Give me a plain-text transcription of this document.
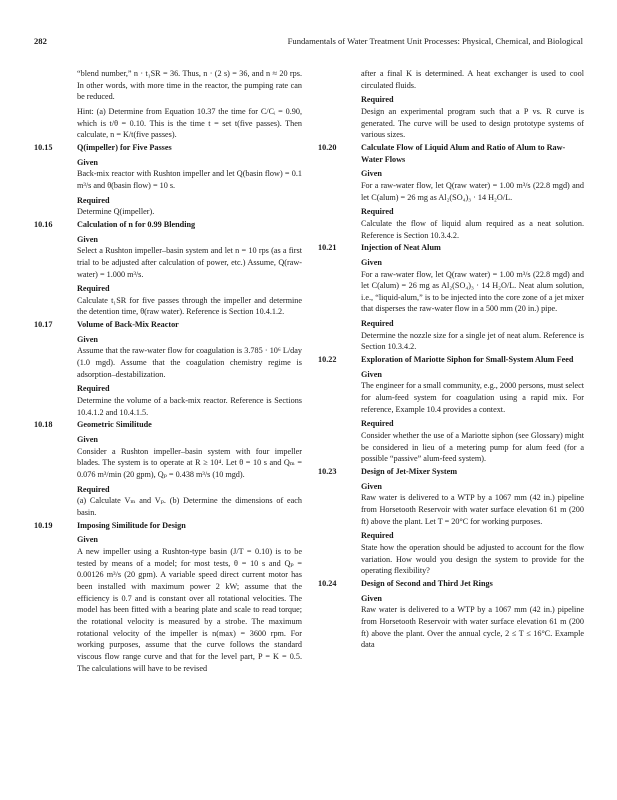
282	Fundamentals of Water Treatment Unit Processes: Physical, Chemical, and Biological

“blend number,” n · t₁SR = 36. Thus, n · (2 s) = 36, and n ≈ 20 rps. In other words, with more time in the reactor, the pumping rate can be reduced.

Hint: (a) Determine from Equation 10.37 the time for C/Cᵢ = 0.90, which is t/θ = 0.10. This is the time t = set t(five passes). Then calculate, n = K/t(five passes).

10.15	Q(impeller) for Five Passes

Given

Back-mix reactor with Rushton impeller and let Q(basin flow) = 0.1 m³/s and θ(basin flow) = 10 s.

Required

Determine Q(impeller).

10.16	Calculation of n for 0.99 Blending

Given

Select a Rushton impeller–basin system and let n = 10 rps (as a first trial to be adjusted after calculation of power, etc.) Assume, Q(raw-water) = 1.000 m³/s.

Required

Calculate t₁SR for five passes through the impeller and determine the detention time, θ(raw water). Reference is Section 10.4.1.2.

10.17	Volume of Back-Mix Reactor

Given

Assume that the raw-water flow for coagulation is 3.785 · 10⁶ L/day (1.0 mgd). Assume that the coagulation chemistry regime is adsorption–destabilization.

Required

Determine the volume of a back-mix reactor. Reference is Sections 10.4.1.2 and 10.4.1.5.

10.18	Geometric Similitude

Given

Consider a Rushton impeller–basin system with four impeller blades. The system is to operate at R ≥ 10⁴. Let θ = 10 s and Qₘ = 0.076 m³/min (20 gpm), Qₚ = 0.438 m³/s (10 mgd).

Required

(a) Calculate Vₘ and Vₚ. (b) Determine the dimensions of each basin.

10.19	Imposing Similitude for Design

Given

A new impeller using a Rushton-type basin (J/T = 0.10) is to be tested by means of a model; for most tests, θ = 10 s and Qₚ = 0.00126 m³/s (20 gpm). A variable speed direct current motor has been installed with maximum power 2 kW; assume that the efficiency is 0.7 and is constant over all rotational velocities. The model has been fitted with a bearing plate and scale to read torque; the rotational velocity is measured by a strobe. The maximum rotational velocity of the impeller is n(max) = 3600 rpm. For working purposes, assume that the curve follows the standard viscous flow range curve and that for the level part, P = K = 0.5. The calculations will have to be revised

after a final K is determined. A heat exchanger is used to cool circulated fluids.

Required

Design an experimental program such that a P vs. R curve is generated. The curve will be used to design prototype systems of various sizes.

10.20	Calculate Flow of Liquid Alum and Ratio of Alum to Raw-Water Flows

Given

For a raw-water flow, let Q(raw water) = 1.00 m³/s (22.8 mgd) and let C(alum) = 26 mg as Al₂(SO₄)₃ · 14 H₂O/L.

Required

Calculate the flow of liquid alum required as a neat solution. Reference is Section 10.3.4.2.

10.21	Injection of Neat Alum

Given

For a raw-water flow, let Q(raw water) = 1.00 m³/s (22.8 mgd) and let C(alum) = 26 mg as Al₂(SO₄)₃ · 14 H₂O/L. Neat alum solution, i.e., “liquid-alum,” is to be injected into the core zone of a jet mixer that disperses the raw-water flow in a 500 mm (20 in.) pipe.

Required

Determine the nozzle size for a single jet of neat alum. Reference is Section 10.3.4.2.

10.22	Exploration of Mariotte Siphon for Small-System Alum Feed

Given

The engineer for a small community, e.g., 2000 persons, must select for alum-feed system for coagulation using a rapid mix. For reference, Example 10.4 provides a context.

Required

Consider whether the use of a Mariotte siphon (see Glossary) might be considered in lieu of a metering pump for alum feed (for a possible “passive” alum-feed system).

10.23	Design of Jet-Mixer System

Given

Raw water is delivered to a WTP by a 1067 mm (42 in.) pipeline from Horsetooth Reservoir with water surface elevation 61 m (200 ft) above the plant. Let T = 20°C for working purposes.

Required

State how the operation should be adjusted to account for the flow variation. How would you design the system to provide for the operating flexibility?

10.24	Design of Second and Third Jet Rings

Given

Raw water is delivered to a WTP by a 1067 mm (42 in.) pipeline from Horsetooth Reservoir with water surface elevation 61 m (200 ft) above the plant. Over the annual cycle, 2 ≤ T ≤ 16°C. Example data
